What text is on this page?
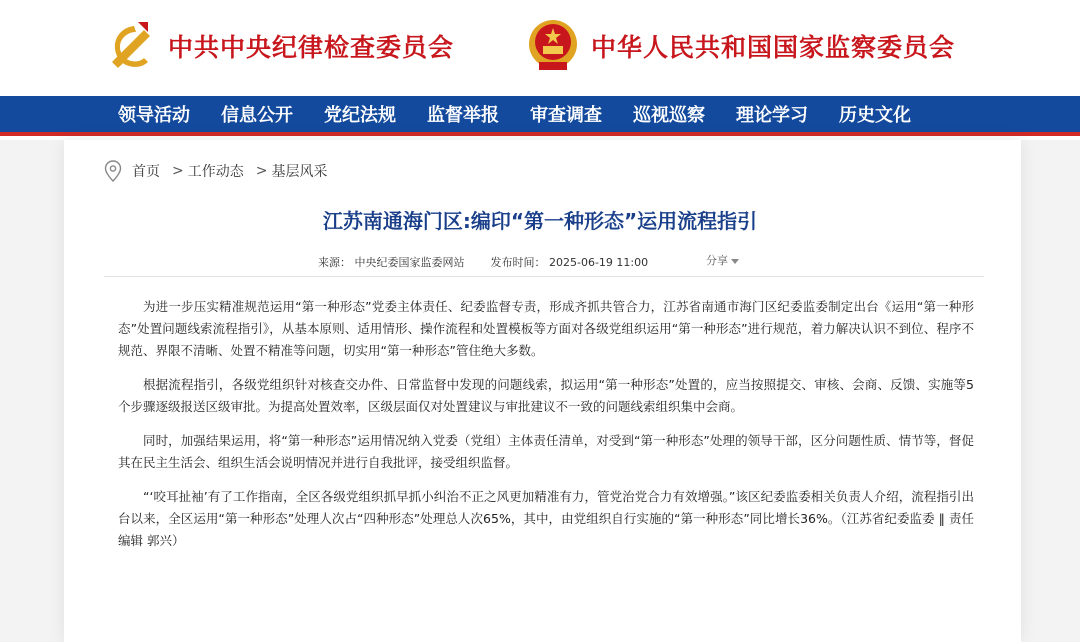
中共中央纪律检查委员会	中华人民共和国国家监察委员会
领导活动 信息公开 党纪法规 监督举报 审查调查 巡视巡察 理论学习 历史文化
首页 > 工作动态 > 基层风采
江苏南通海门区:编印“第一种形态”运用流程指引
来源： 中央纪委国家监委网站 发布时间： 2025-06-19 11:00	分享

为进一步压实精准规范运用“第一种形态”党委主体责任、纪委监督专责，形成齐抓共管合力，江苏省南通市海门区纪委监委制定出台《运用“第一种形态”处置问题线索流程指引》，从基本原则、适用情形、操作流程和处置模板等方面对各级党组织运用“第一种形态”进行规范，着力解决认识不到位、程序不规范、界限不清晰、处置不精准等问题，切实用“第一种形态”管住绝大多数。

根据流程指引，各级党组织针对核查交办件、日常监督中发现的问题线索，拟运用“第一种形态”处置的，应当按照提交、审核、会商、反馈、实施等5个步骤逐级报送区级审批。为提高处置效率，区级层面仅对处置建议与审批建议不一致的问题线索组织集中会商。

同时，加强结果运用，将“第一种形态”运用情况纳入党委（党组）主体责任清单，对受到“第一种形态”处理的领导干部，区分问题性质、情节等，督促其在民主生活会、组织生活会说明情况并进行自我批评，接受组织监督。

“‘咬耳扯袖’有了工作指南，全区各级党组织抓早抓小纠治不正之风更加精准有力，管党治党合力有效增强。”该区纪委监委相关负责人介绍，流程指引出台以来，全区运用“第一种形态”处理人次占“四种形态”处理总人次65%，其中，由党组织自行实施的“第一种形态”同比增长36%。（江苏省纪委监委 ‖ 责任编辑 郭兴）
